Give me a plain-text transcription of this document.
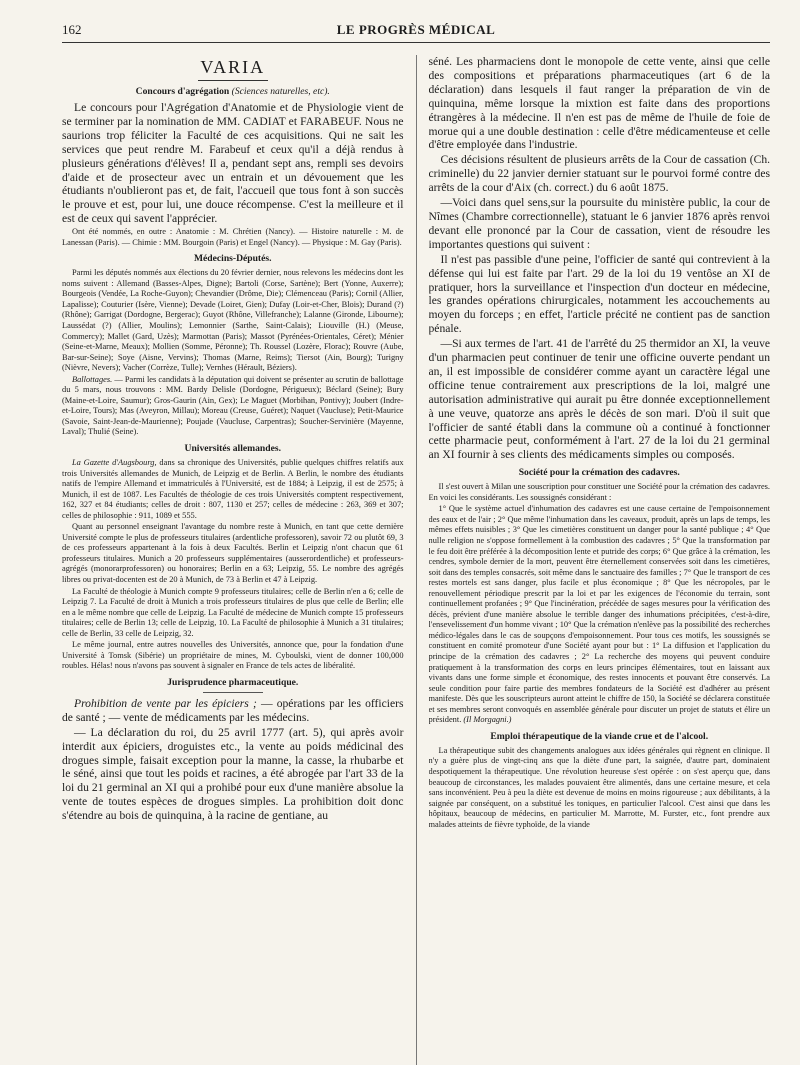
162	LE PROGRÈS MÉDICAL
VARIA
Concours d'agrégation (Sciences naturelles, etc).

Le concours pour l'Agrégation d'Anatomie et de Physiologie vient de se terminer par la nomination de MM. CADIAT et FARABEUF. Nous ne saurions trop féliciter la Faculté de ces acquisitions. Qui ne sait les services que peut rendre M. Farabeuf et ceux qu'il a déjà rendus à plusieurs générations d'élèves! Il a, pendant sept ans, rempli ses devoirs d'aide et de prosecteur avec un entrain et un dévouement que les étudiants n'oublieront pas et, de fait, l'accueil que tous font à son succès le prouve et est, pour lui, une douce récompense. C'est la meilleure et il est de ceux qui savent l'apprécier.

Ont été nommés, en outre : Anatomie : M. Chrétien (Nancy). — Histoire naturelle : M. de Lanessan (Paris). — Chimie : MM. Bourgoin (Paris) et Engel (Nancy). — Physique : M. Gay (Paris).

Médecins-Députés.

Parmi les députés nommés aux élections du 20 février dernier, nous relevons les médecins dont les noms suivent : Allemand (Basses-Alpes, Digne); Bartoli (Corse, Sartène); Bert (Yonne, Auxerre); Bourgeois (Vendée, La Roche-Guyon); Chevandier (Drôme, Die); Clémenceau (Paris); Cornil (Allier, Lapalisse); Couturier (Isère, Vienne); Devade (Loiret, Gien); Dufay (Loir-et-Cher, Blois); Durand (?) (Rhône); Garrigat (Dordogne, Bergerac); Guyot (Rhône, Villefranche); Lalanne (Gironde, Libourne); Laussédat (?) (Allier, Moulins); Lemonnier (Sarthe, Saint-Calais); Liouville (H.) (Meuse, Commercy); Mallet (Gard, Uzès); Marmottan (Paris); Massot (Pyrénées-Orientales, Céret); Ménier (Seine-et-Marne, Meaux); Mollien (Somme, Péronne); Th. Roussel (Lozère, Florac); Rouvre (Aube, Bar-sur-Seine); Soye (Aisne, Vervins); Thomas (Marne, Reims); Tiersot (Ain, Bourg); Turigny (Nièvre, Nevers); Vacher (Corrèze, Tulle); Vernhes (Hérault, Béziers).

Ballottages. — Parmi les candidats à la députation qui doivent se présenter au scrutin de ballottage du 5 mars, nous trouvons : MM. Bardy Delisle (Dordogne, Périgueux); Béclard (Seine); Bury (Maine-et-Loire, Saumur); Gros-Gaurin (Ain, Gex); Le Maguet (Morbihan, Pontivy); Joubert (Indre-et-Loire, Tours); Mas (Aveyron, Millau); Moreau (Creuse, Guéret); Naquet (Vaucluse); Petit-Maurice (Savoie, Saint-Jean-de-Maurienne); Poujade (Vaucluse, Carpentras); Soucher-Servinière (Mayenne, Laval); Thulié (Seine).

Universités allemandes.

La Gazette d'Augsbourg, dans sa chronique des Universités, publie quelques chiffres relatifs aux trois Universités allemandes de Munich, de Leipzig et de Berlin. A Berlin, le nombre des étudiants natifs de l'empire Allemand et immatriculés à l'Université, est de 1884; à Leipzig, il est de 2575; à Munich, il est de 1087. Les Facultés de théologie de ces trois Universités comptent respectivement, 162, 327 et 84 étudiants; celles de droit : 807, 1130 et 257; celles de médecine : 263, 369 et 307; celles de philosophie : 911, 1089 et 555.

Quant au personnel enseignant l'avantage du nombre reste à Munich, en tant que cette dernière Université compte le plus de professeurs titulaires (ardentliche professoren), savoir 72 ou plutôt 69, 3 de ces professeurs appartenant à la fois à deux Facultés. Berlin et Leipzig n'ont chacun que 61 professeurs titulaires. Munich a 20 professeurs supplémentaires (ausserordentliche) et professeurs-agrégés (monorarprofessoren) ou honoraires; Berlin en a 63; Leipzig, 55. Le nombre des agrégés libres ou privat-docenten est de 20 à Munich, de 73 à Berlin et 47 à Leipzig.

La Faculté de théologie à Munich compte 9 professeurs titulaires; celle de Berlin n'en a 6; celle de Leipzig 7. La Faculté de droit à Munich a trois professeurs titulaires de plus que celle de Berlin; elle en a le même nombre que celle de Leipzig. La Faculté de médecine de Munich compte 15 professeurs titulaires; celle de Berlin 13; celle de Leipzig, 10. La Faculté de philosophie à Munich a 31 titulaires; celle de Berlin, 33 celle de Leipzig, 32.

Le même journal, entre autres nouvelles des Universités, annonce que, pour la fondation d'une Université à Tomsk (Sibérie) un propriétaire de mines, M. Cyboulski, vient de donner 100,000 roubles. Hélas! nous n'avons pas souvent à signaler en France de tels actes de libéralité.

Jurisprudence pharmaceutique.

Prohibition de vente par les épiciers ; — opérations par les officiers de santé ; — vente de médicaments par les médecins.

— La déclaration du roi, du 25 avril 1777 (art. 5), qui après avoir interdit aux épiciers, droguistes etc., la vente au poids médicinal des drogues simple, faisait exception pour la manne, la casse, la rhubarbe et le séné, ainsi que tout les poids et racines, a été abrogée par l'art 33 de la loi du 21 germinal an XI qui a prohibé pour eux d'une manière absolue la vente de toutes espèces de drogues simples. La prohibition doit donc s'étendre au bois de quinquina, à la racine de gentiane, au

séné. Les pharmaciens dont le monopole de cette vente, ainsi que celle des compositions et préparations pharmaceutiques (art 6 de la déclaration) dans lesquels il faut ranger la préparation de vin de quinquina, même lorsque la mixtion est faite dans des proportions étrangères à la médecine. Il n'en est pas de même de l'huile de foie de morue qui a une double destination : celle d'être médicamenteuse et celle d'être employée dans l'industrie.

Ces décisions résultent de plusieurs arrêts de la Cour de cassation (Ch. criminelle) du 22 janvier dernier statuant sur le pourvoi formé contre des arrêts de la cour d'Aix (ch. correct.) du 6 août 1875.

—Voici dans quel sens,sur la poursuite du ministère public, la cour de Nîmes (Chambre correctionnelle), statuant le 6 janvier 1876 après renvoi devant elle prononcé par la Cour de cassation, vient de résoudre les importantes questions qui suivent :

Il n'est pas passible d'une peine, l'officier de santé qui contrevient à la défense qui lui est faite par l'art. 29 de la loi du 19 ventôse an XI de pratiquer, hors la surveillance et l'inspection d'un docteur en médecine, les grandes opérations chirurgicales, notamment les accouchements au moyen du forceps ; en effet, l'article précité ne contient pas de sanction pénale.

—Si aux termes de l'art. 41 de l'arrêté du 25 thermidor an XI, la veuve d'un pharmacien peut continuer de tenir une officine ouverte pendant un an, il est impossible de considérer comme ayant un caractère légal une officine tenue contrairement aux prescriptions de la loi, malgré une autorisation administrative qui aurait pu être donnée exceptionnellement à une veuve, quatorze ans après le décès de son mari. D'où il suit que l'officier de santé établi dans la commune où a continué à fonctionner cette pharmacie peut, conformément à l'art. 27 de la loi du 21 germinal an XI fournir à ses clients des médicaments simples ou composés.

Société pour la crémation des cadavres.

Il s'est ouvert à Milan une souscription pour constituer une Société pour la crémation des cadavres. En voici les considérants. Les soussignés considérant :

1° Que le système actuel d'inhumation des cadavres est une cause certaine de l'empoisonnement des eaux et de l'air ; 2° Que même l'inhumation dans les caveaux, produit, après un laps de temps, les mêmes effets nuisibles ; 3° Que les cimetières constituent un danger pour la santé publique ; 4° Que nulle religion ne s'oppose formellement à la combustion des cadavres ; 5° Que la transformation par le feu doit être préférée à la décomposition lente et putride des corps; 6° Que grâce à la crémation, les cendres, symbole dernier de la mort, peuvent être éternellement conservées soit dans les cimetières, soit dans des temples consacrés, soit même dans le sanctuaire des familles ; 7° Que le transport de ces restes mortels est sans danger, plus facile et plus économique ; 8° Que les nécropoles, par le renouvellement périodique prescrit par la loi et par les exigences de l'économie du terrain, sont continuellement profanées ; 9° Que l'incinération, précédée de sages mesures pour la vérification des décès, prévient d'une manière absolue le terrible danger des inhumations précipitées, c'est-à-dire, l'ensevelissement d'un homme vivant ; 10° Que la crémation n'enlève pas la possibilité des recherches médico-légales dans le cas de soupçons d'empoisonnement. Pour tous ces motifs, les soussignés se constituent en comité promoteur d'une Société ayant pour but : 1° La diffusion et l'application du principe de la crémation des cadavres ; 2° La recherche des moyens qui peuvent conduire pratiquement à la transformation des corps en leurs principes élémentaires, tout en laissant aux vivants dans une forme simple et économique, des restes innocents et pouvant être conservés. La seule condition pour faire partie des membres fondateurs de la Société est d'adhérer au présent manifeste. Dès que les souscripteurs auront atteint le chiffre de 150, la Société se déclarera constituée et ses membres seront convoqués en assemblée générale pour discuter un projet de statuts et élire un président. (Il Morgagni.)

Emploi thérapeutique de la viande crue et de l'alcool.

La thérapeutique subit des changements analogues aux idées générales qui règnent en clinique. Il n'y a guère plus de vingt-cinq ans que la diète d'une part, la saignée, d'autre part, dominaient despotiquement la thérapeutique. Une révolution heureuse s'est opérée : on s'est aperçu que, dans beaucoup de circonstances, les malades pouvaient être alimentés, dans une certaine mesure, et cela sans inconvénient. Peu à peu la diète est devenue de moins en moins rigoureuse ; aux débilitants, à la saignée par conséquent, on a substitué les toniques, en particulier l'alcool. C'est ainsi que dans les hôpitaux, beaucoup de médecins, en particulier M. Marrotte, M. Furster, etc., font prendre aux malades atteints de fièvre typhoïde, de la viande
